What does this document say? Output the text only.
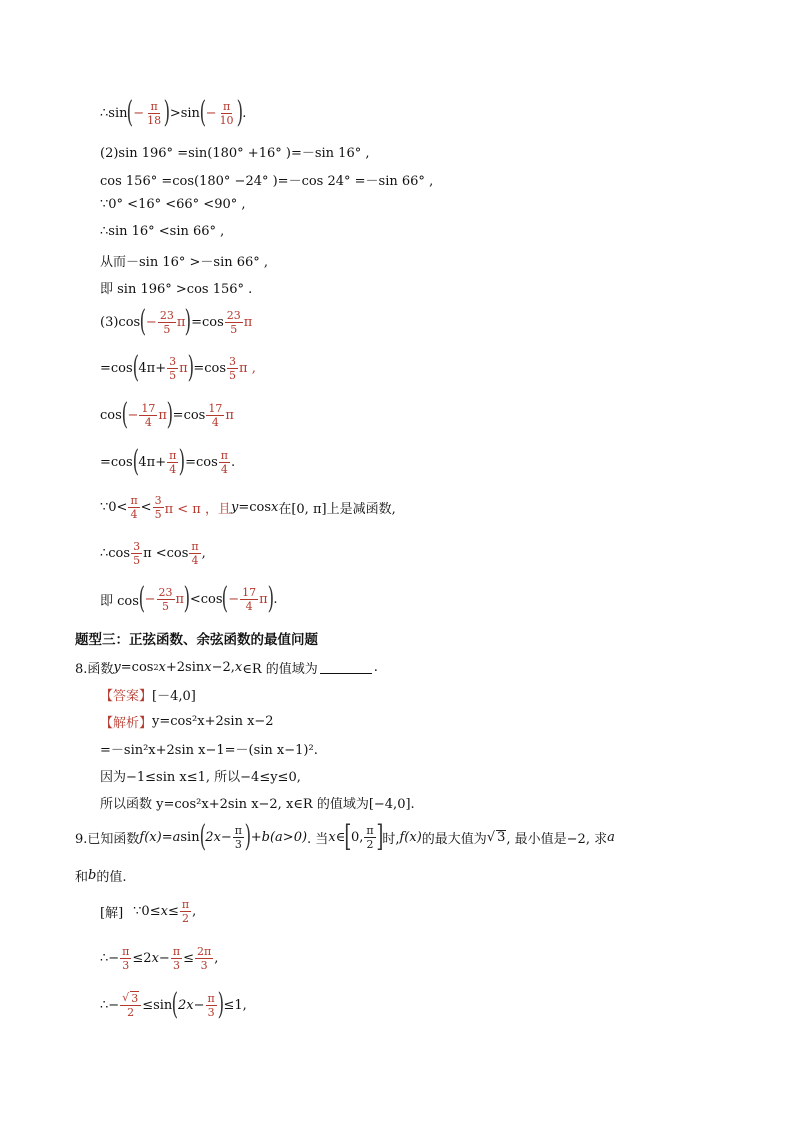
∴sin ( − $\frac{\pi}{18}$ ) >sin ( − $\frac{\pi}{10}$ ) .
(2)sin 196° =sin(180° +16° )=－sin 16° ,
cos 156° =cos(180° −24° )=－cos 24° =－sin 66° ,
∵0° <16° <66° <90° ,
∴sin 16° <sin 66° ,
从而－sin 16° >－sin 66° ,
即 sin 196° >cos 156° .
(3)cos ( − $\frac{23}{5}$ π ) $=\cos \frac{23}{5}$ π
=cos ( $4\pi+ \frac{3}{5}$ π ) $=\cos \frac{3}{5}$ π ,
cos ( − $\frac{17}{4}$ π ) $=\cos \frac{17}{4}$ π
=cos ( $4\pi+ \frac{\pi}{4}$ ) $=\cos \frac{\pi}{4}$ .
∵0< $\frac{\pi}{4} < \frac{3}{5}$ π < π ，且 y =cos x 在[0, π]上是减函数,
∴cos $\frac{3}{5}$ $\pi <\cos \frac{\pi}{4}$ ,
即 cos ( − $\frac{23}{5}$ π ) <cos ( − $\frac{17}{4}$ π ) .
题型三：正弦函数、余弦函数的最值问题
8.函数 y =cos 2 x +2sin x −2, x ∈R 的值域为	.
【答案】 [－4,0]
【解析】 y=cos²x+2sin x−2
=－sin²x+2sin x−1=－(sin x−1)².
因为−1≤sin x≤1, 所以−4≤y≤0,
所以函数 y=cos²x+2sin x−2, x∈R 的值域为[−4,0].
9.已知函数 f(x) = a sin ( $2x- \frac{\pi}{3}$ ) + b (a>0) . 当 x ∈ [ 0, $\frac{\pi}{2}$ ] 时, f(x) 的最大值为 √ 3 , 最小值是−2, 求 a
和 b 的值.
[解] ∵0≤ $x \le \frac{\pi}{2}$ ,
∴− $\frac{\pi}{3} \le 2$ $x - \frac{\pi}{3} \le \frac{2\pi}{3}$ ,
∴− $\frac{√ 3}{2} \le\sin$ ( $2x- \frac{\pi}{3}$ ) ≤1,
